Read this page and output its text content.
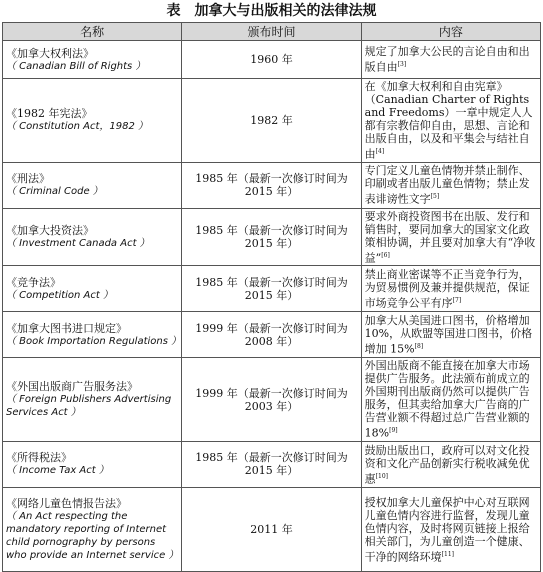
表　加拿大与出版相关的法律法规
名称	颁布时间	内容

《加拿大权利法》
（ Canadian Bill of Rights ）	1960 年	规定了加拿大公民的言论自由和出版自由[3]

《1982 年宪法》
（ Constitution Act，1982 ）	1982 年	在《加拿大权利和自由宪章》（Canadian Charter of Rights and Freedoms）一章中规定人人都有宗教信仰自由，思想、言论和出版自由，以及和平集会与结社自由[4]

《刑法》
（ Criminal Code ）	1985 年（最新一次修订时间为 2015 年）	专门定义儿童色情物并禁止制作、印刷或者出版儿童色情物；禁止发表诽谤性文字[5]

《加拿大投资法》
（ Investment Canada Act ）	1985 年（最新一次修订时间为 2015 年）	要求外商投资图书在出版、发行和销售时，要同加拿大的国家文化政策相协调，并且要对加拿大有“净收益”[6]

《竞争法》
（ Competition Act ）	1985 年（最新一次修订时间为 2015 年）	禁止商业密谋等不正当竞争行为，为贸易惯例及兼并提供规范，保证市场竞争公平有序[7]

《加拿大图书进口规定》
（ Book Importation Regulations ）	1999 年（最新一次修订时间为 2008 年）	加拿大从美国进口图书，价格增加 10%，从欧盟等国进口图书，价格增加 15%[8]

《外国出版商广告服务法》
（ Foreign Publishers Advertising Services Act ）	1999 年（最新一次修订时间为 2003 年）	外国出版商不能直接在加拿大市场提供广告服务。此法颁布前成立的外国期刊出版商仍然可以提供广告服务，但其卖给加拿大广告商的广告营业额不得超过总广告营业额的 18%[9]

《所得税法》
（ Income Tax Act ）	1985 年（最新一次修订时间为 2015 年）	鼓励出版出口，政府可以对文化投资和文化产品创新实行税收减免优惠[10]

《网络儿童色情报告法》
（ An Act respecting the mandatory reporting of Internet child pornography by persons who provide an Internet service ）	2011 年	授权加拿大儿童保护中心对互联网儿童色情内容进行监督，发现儿童色情内容，及时将网页链接上报给相关部门，为儿童创造一个健康、干净的网络环境[11]
